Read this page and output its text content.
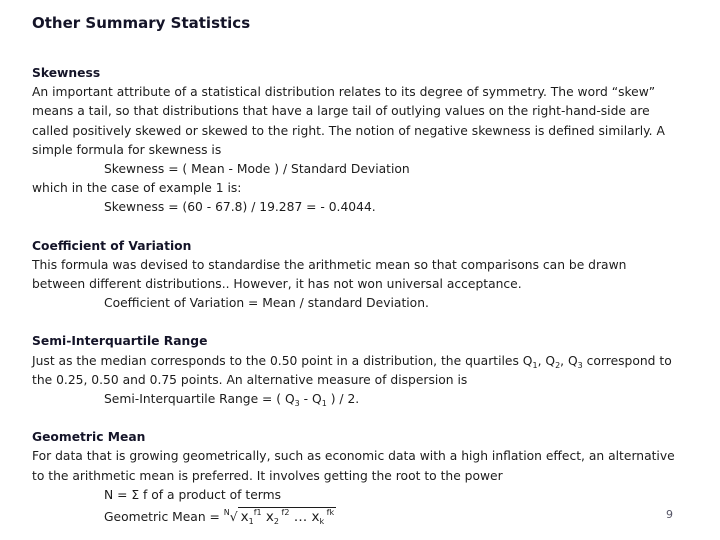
Other Summary Statistics
Skewness
An important attribute of a statistical distribution relates to its degree of symmetry. The word “skew” means a tail, so that distributions that have a large tail of outlying values on the right-hand-side are called positively skewed or skewed to the right. The notion of negative skewness is defined similarly. A simple formula for skewness is
Skewness = ( Mean - Mode ) / Standard Deviation
which in the case of example 1 is:
Skewness = (60 - 67.8) / 19.287 = - 0.4044.
Coefficient of Variation
This formula was devised to standardise the arithmetic mean so that comparisons can be drawn between different distributions.. However, it has not won universal acceptance.
Coefficient of Variation = Mean / standard Deviation.
Semi-Interquartile Range
Just as the median corresponds to the 0.50 point in a distribution, the quartiles $Q_1$, $Q_2$, $Q_3$ correspond to the 0.25, 0.50 and 0.75 points. An alternative measure of dispersion is
Semi-Interquartile Range = ( $Q_3 - Q_1$ ) / 2.
Geometric Mean
For data that is growing geometrically, such as economic data with a high inflation effect, an alternative to the arithmetic mean is preferred. It involves getting the root to the power
N = Σ f of a product of terms
Geometric Mean = $^N$√ $x_1^{f1}$ $x_2$ $^{f2}$ … $x_k$ $^{fk}$	9
